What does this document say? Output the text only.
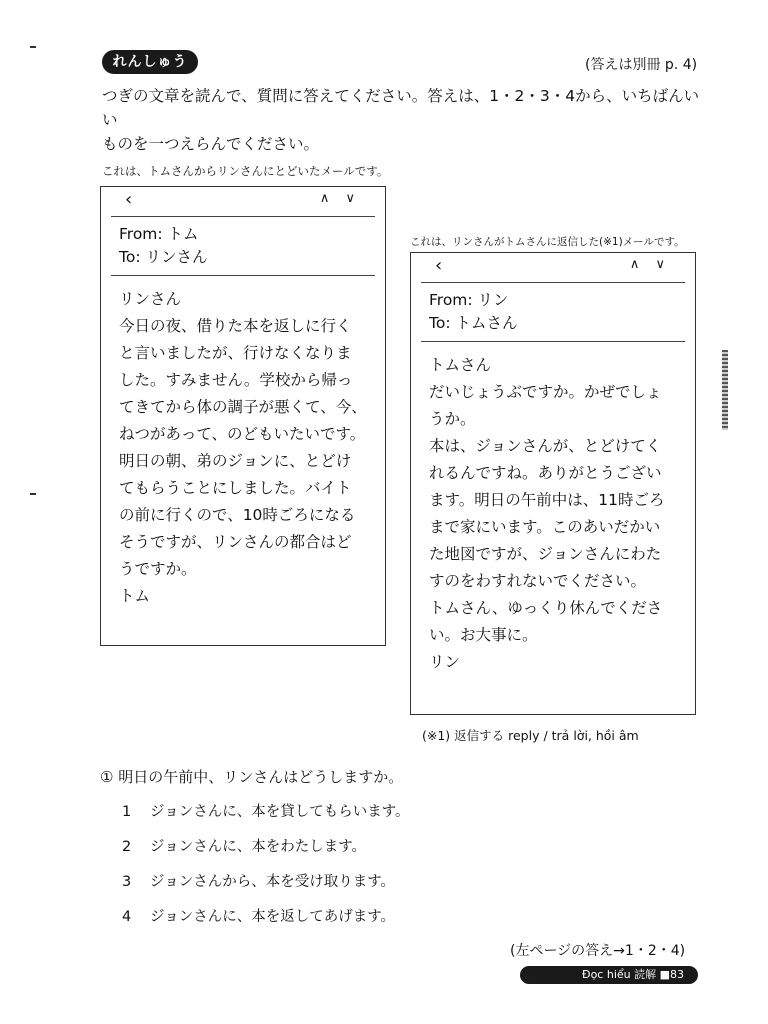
れんしゅう	(答えは別冊 p. 4)
つぎの文章を読んで、質問に答えてください。答えは、1・2・3・4から、いちばんいい
ものを一つえらんでください。
これは、トムさんからリンさんにとどいたメールです。
‹	∧ ∨
From: トム
To: リンさん

リンさん

今日の夜、借りた本を返しに行く

と言いましたが、行けなくなりま

した。すみません。学校から帰っ

てきてから体の調子が悪くて、今、

ねつがあって、のどもいたいです。

明日の朝、弟のジョンに、とどけ

てもらうことにしました。バイト

の前に行くので、10時ごろになる

そうですが、リンさんの都合はど

うですか。

トム

これは、リンさんがトムさんに返信した(※1)メールです。
‹	∧ ∨
From: リン
To: トムさん

トムさん

だいじょうぶですか。かぜでしょ

うか。

本は、ジョンさんが、とどけてく

れるんですね。ありがとうござい

ます。明日の午前中は、11時ごろ

まで家にいます。このあいだかい

た地図ですが、ジョンさんにわた

すのをわすれないでください。

トムさん、ゆっくり休んでくださ

い。お大事に。

リン

(※1) 返信する reply / trả lời, hồi âm
① 明日の午前中、リンさんはどうしますか。
1 ジョンさんに、本を貸してもらいます。
2 ジョンさんに、本をわたします。
3 ジョンさんから、本を受け取ります。
4 ジョンさんに、本を返してあげます。
(左ページの答え→1・2・4)
Đọc hiểu 読解 ■83
